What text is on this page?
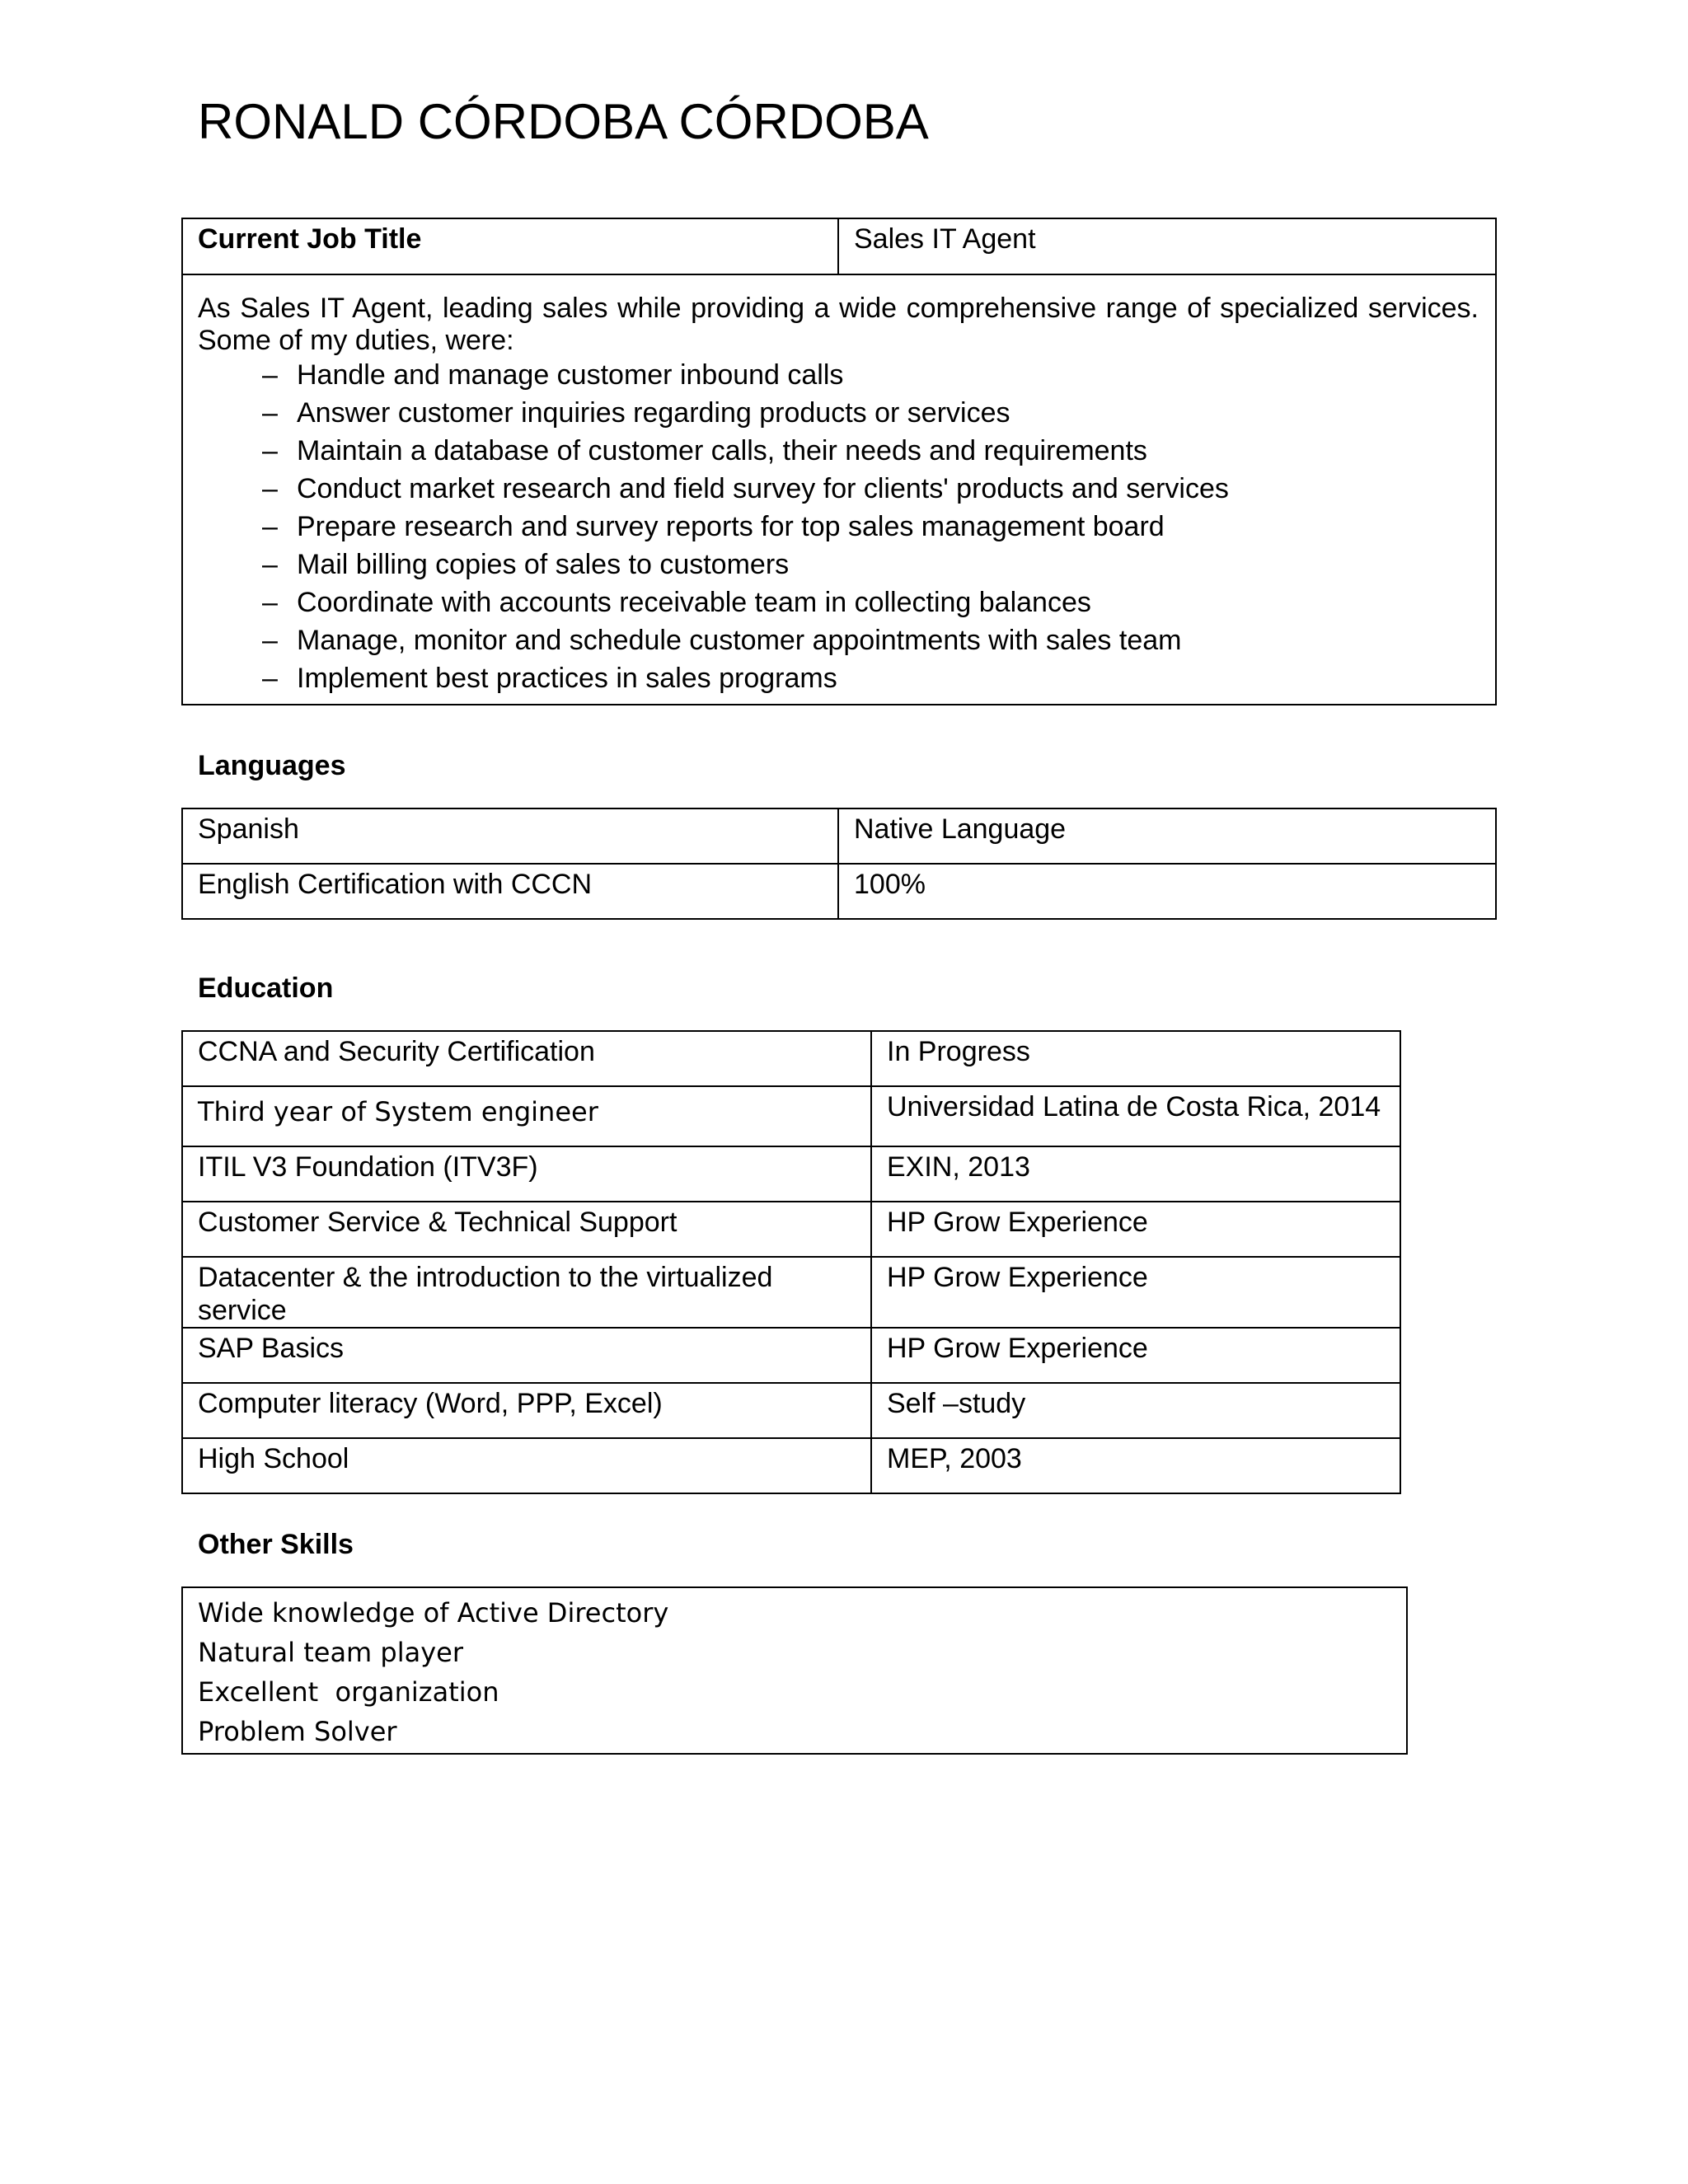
RONALD CÓRDOBA CÓRDOBA
Current Job Title	Sales IT Agent

As Sales IT Agent, leading sales while providing a wide comprehensive range of specialized services.
Some of my duties, were:
– Handle and manage customer inbound calls
– Answer customer inquiries regarding products or services
– Maintain a database of customer calls, their needs and requirements
– Conduct market research and field survey for clients' products and services
– Prepare research and survey reports for top sales management board
– Mail billing copies of sales to customers
– Coordinate with accounts receivable team in collecting balances
– Manage, monitor and schedule customer appointments with sales team
– Implement best practices in sales programs
Languages
Spanish	Native Language
English Certification with CCCN	100%
Education
CCNA and Security Certification	In Progress
Third year of System engineer	Universidad Latina de Costa Rica, 2014
ITIL V3 Foundation (ITV3F)	EXIN, 2013
Customer Service & Technical Support	HP Grow Experience
Datacenter & the introduction to the virtualized service	HP Grow Experience
SAP Basics	HP Grow Experience
Computer literacy (Word, PPP, Excel)	Self –study
High School	MEP, 2003
Other Skills
Wide knowledge of Active Directory
Natural team player
Excellent  organization
Problem Solver
